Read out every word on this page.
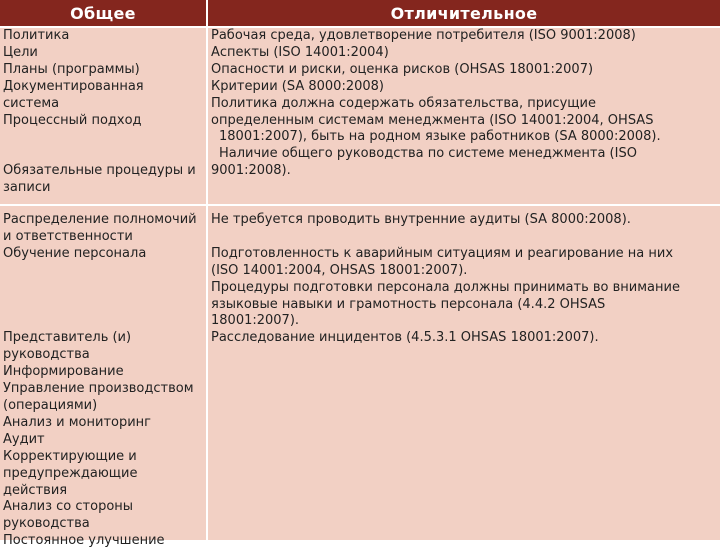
Общее	Отличительное
Политика
Цели
Планы (программы)
Документированная
система
Процессный подход

Обязательные процедуры и
записи
Рабочая среда, удовлетворение потребителя (ISO 9001:2008)
Аспекты (ISO 14001:2004)
Опасности и риски, оценка рисков (OHSAS 18001:2007)
Критерии (SA 8000:2008)
Политика должна содержать обязательства, присущие
определенным системам менеджмента (ISO 14001:2004, OHSAS
18001:2007), быть на родном языке работников (SA 8000:2008).
Наличие общего руководства по системе менеджмента (ISO
9001:2008).
Распределение полномочий
и ответственности
Обучение персонала

Представитель (и)
руководства
Информирование
Управление производством
(операциями)
Анализ и мониторинг
Аудит
Корректирующие и
предупреждающие
действия
Анализ со стороны
руководства
Постоянное улучшение
Не требуется проводить внутренние аудиты (SA 8000:2008).

Подготовленность к аварийным ситуациям и реагирование на них
(ISO 14001:2004, OHSAS 18001:2007).
Процедуры подготовки персонала должны принимать во внимание
языковые навыки и грамотность персонала (4.4.2 OHSAS
18001:2007).
Расследование инцидентов (4.5.3.1 OHSAS 18001:2007).
